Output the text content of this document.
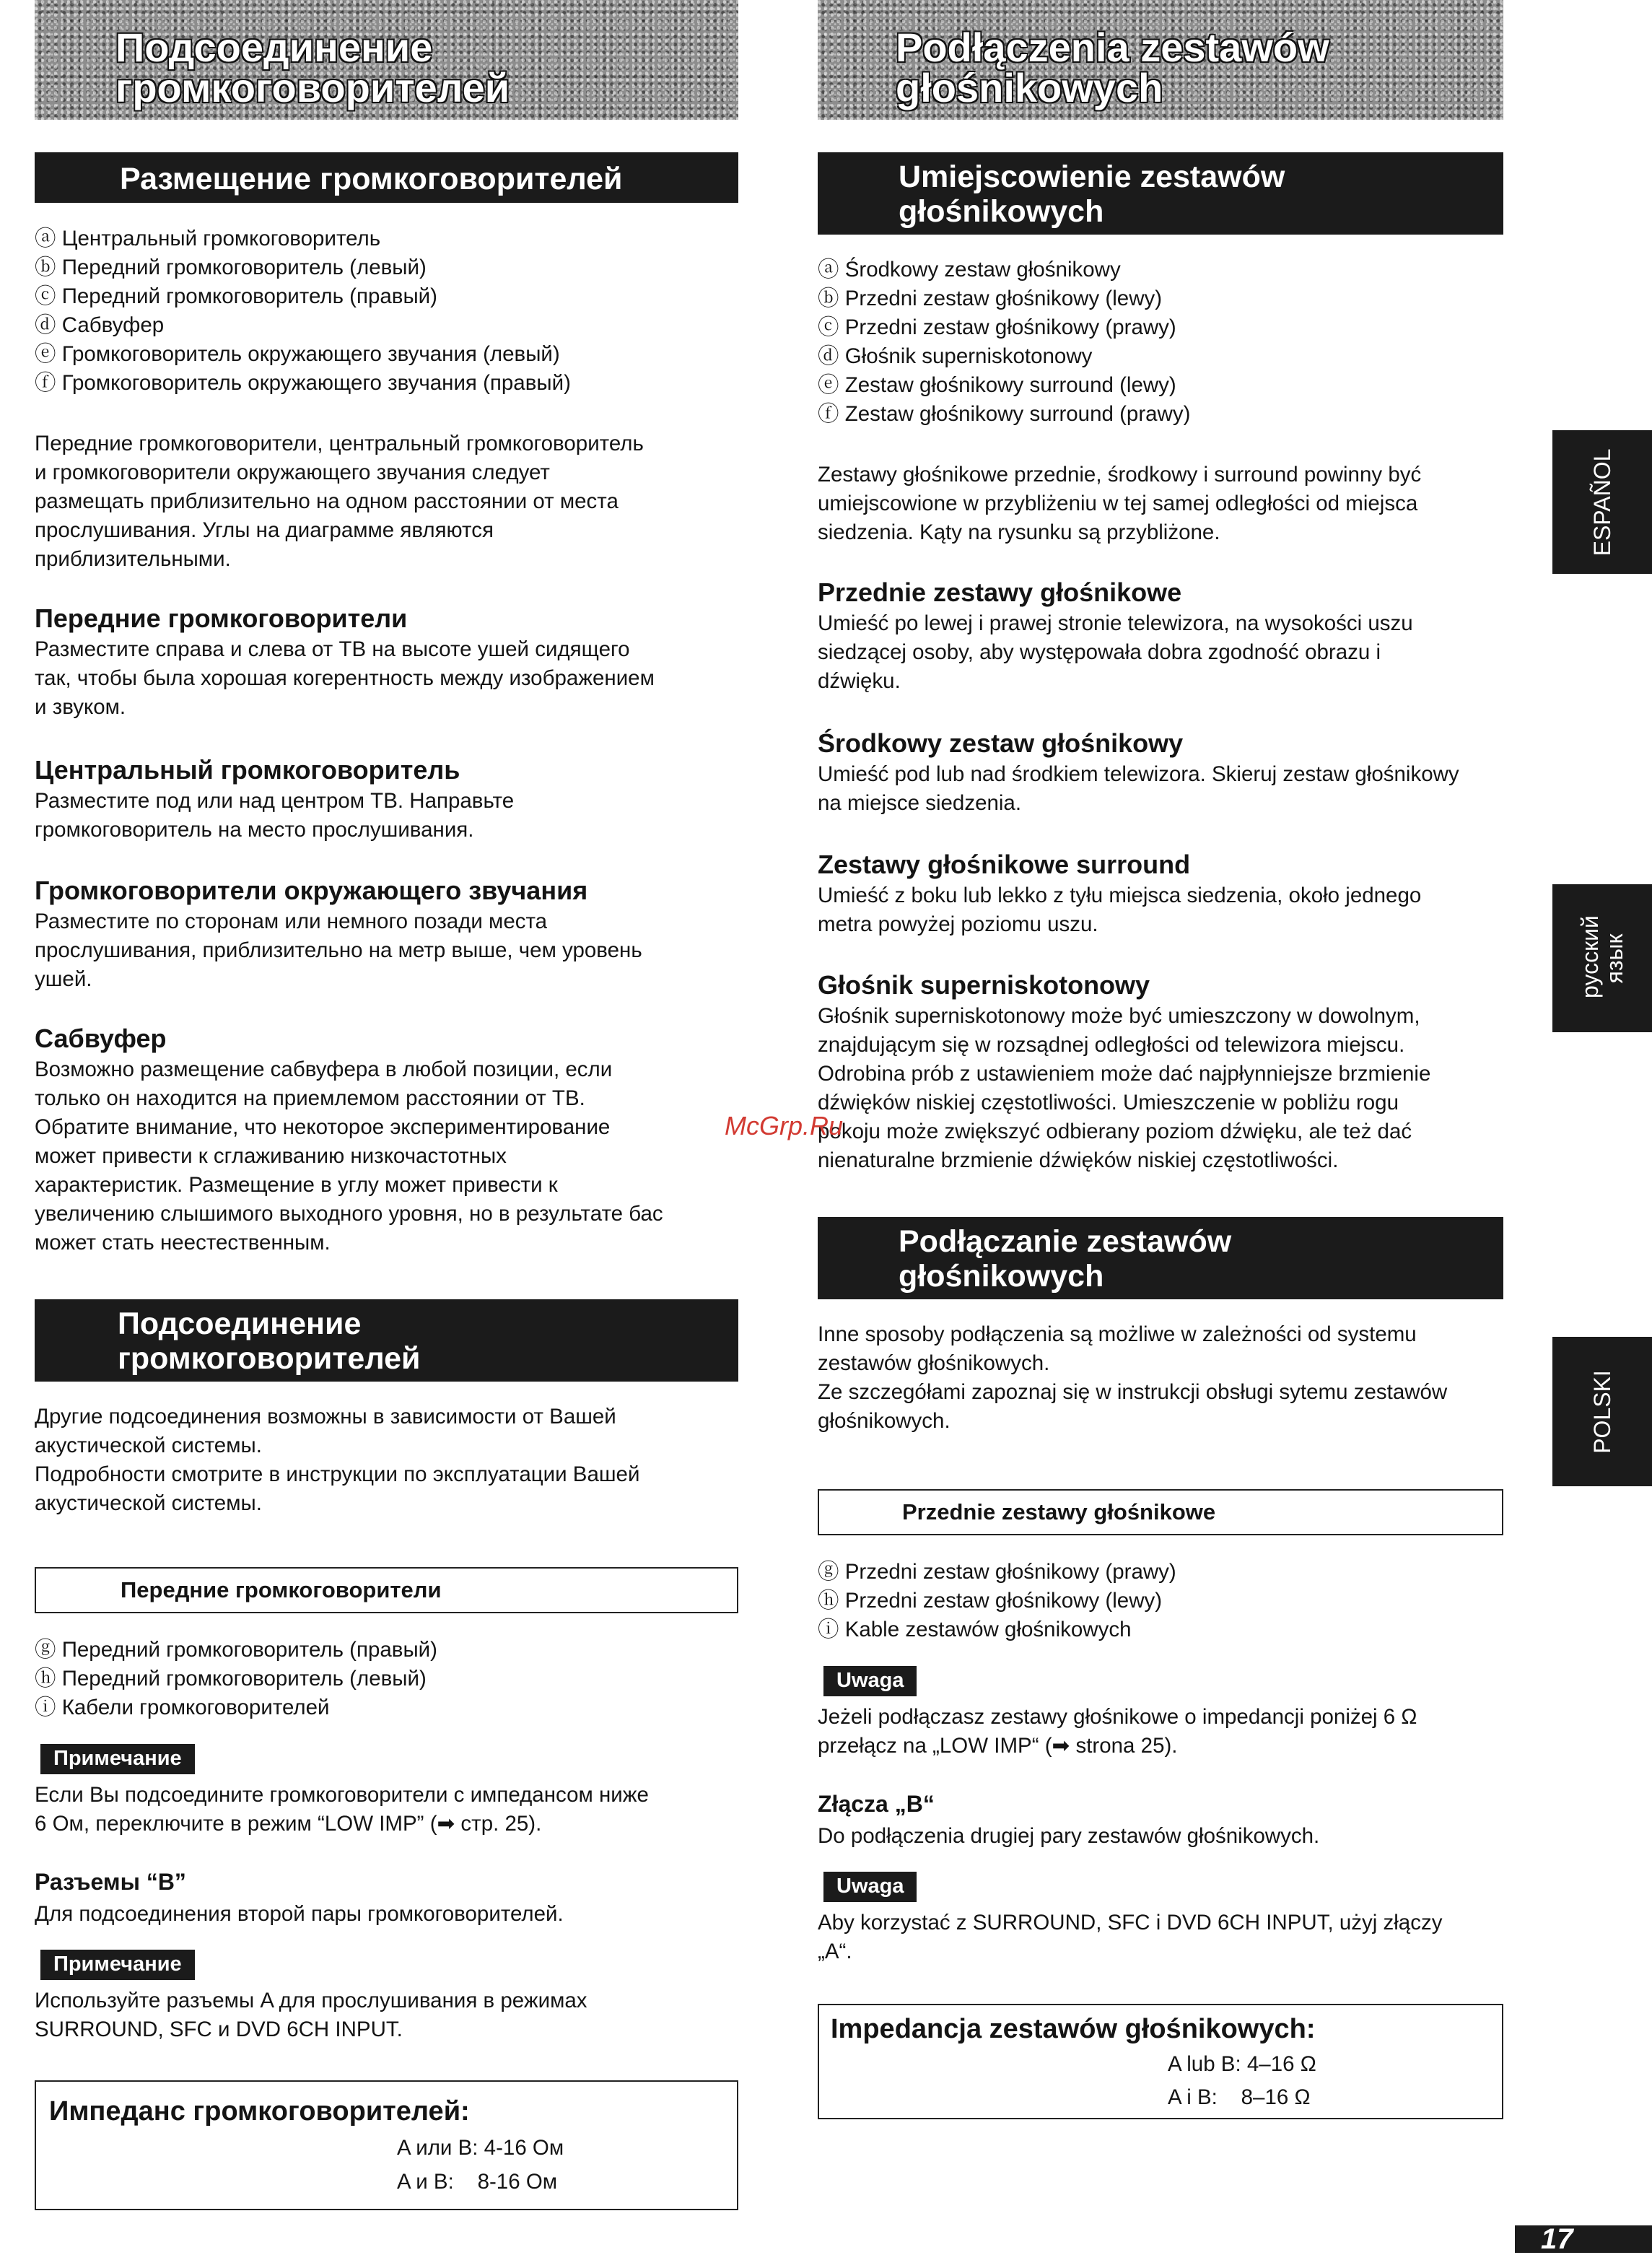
Подсоединение
громкоговорителей
Размещение громкоговорителей
ⓐ Центральный громкоговоритель
ⓑ Передний громкоговоритель (левый)
ⓒ Передний громкоговоритель (правый)
ⓓ Сабвуфер
ⓔ Громкоговоритель окружающего звучания (левый)
ⓕ Громкоговоритель окружающего звучания (правый)
Передние громкоговорители, центральный громкоговоритель
и громкоговорители окружающего звучания следует
размещать приблизительно на одном расстоянии от места
прослушивания. Углы на диаграмме являются
приблизительными.
Передние громкоговорители
Разместите справа и слева от ТВ на высоте ушей сидящего
так, чтобы была хорошая когерентность между изображением
и звуком.
Центральный громкоговоритель
Разместите под или над центром ТВ. Направьте
громкоговоритель на место прослушивания.
Громкоговорители окружающего звучания
Разместите по сторонам или немного позади места
прослушивания, приблизительно на метр выше, чем уровень
ушей.
Сабвуфер
Возможно размещение сабвуфера в любой позиции, если
только он находится на приемлемом расстоянии от ТВ.
Обратите внимание, что некоторое экспериментирование
может привести к сглаживанию низкочастотных
характеристик. Размещение в углу может привести к
увеличению слышимого выходного уровня, но в результате бас
может стать неестественным.
Подсоединение
громкоговорителей
Другие подсоединения возможны в зависимости от Вашей
акустической системы.
Подробности смотрите в инструкции по эксплуатации Вашей
акустической системы.
Передние громкоговорители
ⓖ Передний громкоговоритель (правый)
ⓗ Передний громкоговоритель (левый)
ⓘ Кабели громкоговорителей
Примечание
Если Вы подсоедините громкоговорители с импедансом ниже
6 Ом, переключите в режим “LOW IMP” (➡ стр. 25).
Разъемы “B”
Для подсоединения второй пары громкоговорителей.
Примечание
Используйте разъемы A для прослушивания в режимах
SURROUND, SFC и DVD 6CH INPUT.
Импеданс громкоговорителей:
A или B: 4-16 Ом
A и B:    8-16 Ом
Podłączenia zestawów
głośnikowych
Umiejscowienie zestawów
głośnikowych
ⓐ Środkowy zestaw głośnikowy
ⓑ Przedni zestaw głośnikowy (lewy)
ⓒ Przedni zestaw głośnikowy (prawy)
ⓓ Głośnik superniskotonowy
ⓔ Zestaw głośnikowy surround (lewy)
ⓕ Zestaw głośnikowy surround (prawy)
Zestawy głośnikowe przednie, środkowy i surround powinny być
umiejscowione w przybliżeniu w tej samej odległości od miejsca
siedzenia. Kąty na rysunku są przybliżone.
Przednie zestawy głośnikowe
Umieść po lewej i prawej stronie telewizora, na wysokości uszu
siedzącej osoby, aby występowała dobra zgodność obrazu i
dźwięku.
Środkowy zestaw głośnikowy
Umieść pod lub nad środkiem telewizora. Skieruj zestaw głośnikowy
na miejsce siedzenia.
Zestawy głośnikowe surround
Umieść z boku lub lekko z tyłu miejsca siedzenia, około jednego
metra powyżej poziomu uszu.
Głośnik superniskotonowy
Głośnik superniskotonowy może być umieszczony w dowolnym,
znajdującym się w rozsądnej odległości od telewizora miejscu.
Odrobina prób z ustawieniem może dać najpłynniejsze brzmienie
dźwięków niskiej częstotliwości. Umieszczenie w pobliżu rogu
pokoju może zwiększyć odbierany poziom dźwięku, ale też dać
nienaturalne brzmienie dźwięków niskiej częstotliwości.
Podłączanie zestawów
głośnikowych
Inne sposoby podłączenia są możliwe w zależności od systemu
zestawów głośnikowych.
Ze szczegółami zapoznaj się w instrukcji obsługi sytemu zestawów
głośnikowych.
Przednie zestawy głośnikowe
ⓖ Przedni zestaw głośnikowy (prawy)
ⓗ Przedni zestaw głośnikowy (lewy)
ⓘ Kable zestawów głośnikowych
Uwaga
Jeżeli podłączasz zestawy głośnikowe o impedancji poniżej 6 Ω
przełącz na „LOW IMP“ (➡ strona 25).
Złącza „B“
Do podłączenia drugiej pary zestawów głośnikowych.
Uwaga
Aby korzystać z SURROUND, SFC i DVD 6CH INPUT, użyj złączy
„A“.
Impedancja zestawów głośnikowych:
A lub B: 4–16 Ω
A i B:    8–16 Ω
ESPAÑOL
русский язык
POLSKI
17
McGrp.Ru
